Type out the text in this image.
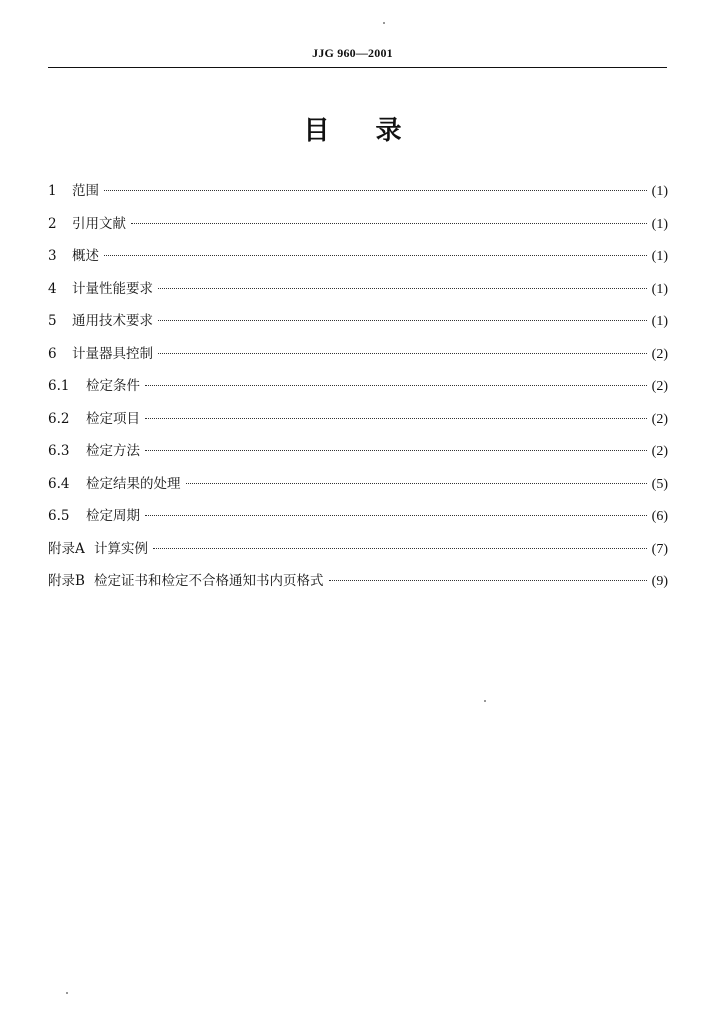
JJG 960—2001
目录
1	范围	(1)
2	引用文献	(1)
3	概述	(1)
4	计量性能要求	(1)
5	通用技术要求	(1)
6	计量器具控制	(2)
6.1	检定条件	(2)
6.2	检定项目	(2)
6.3	检定方法	(2)
6.4	检定结果的处理	(5)
6.5	检定周期	(6)
附录A 计算实例	(7)
附录B 检定证书和检定不合格通知书内页格式	(9)
